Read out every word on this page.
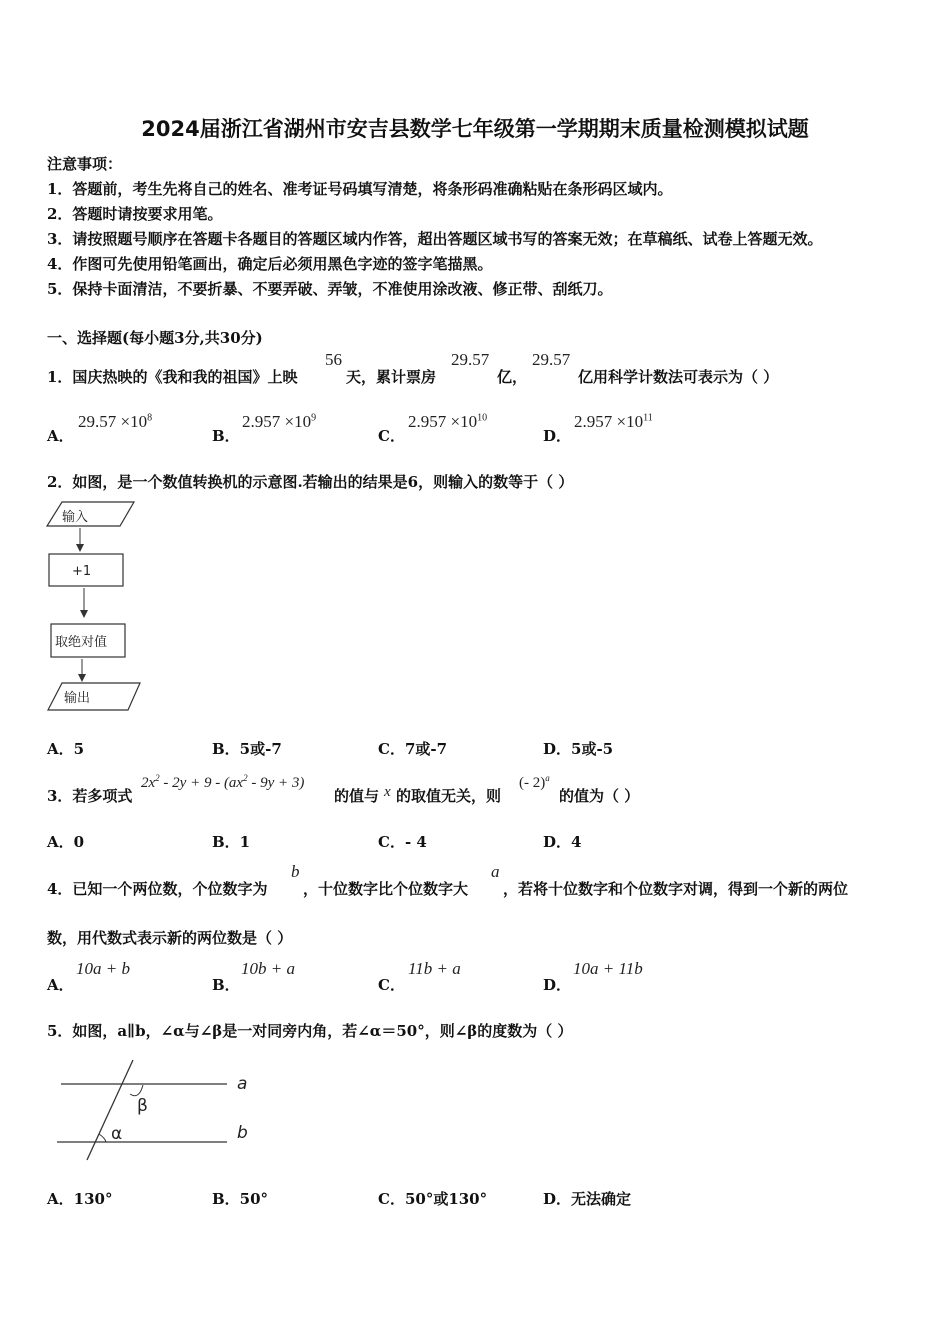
2024届浙江省湖州市安吉县数学七年级第一学期期末质量检测模拟试题
注意事项：
1．答题前，考生先将自己的姓名、准考证号码填写清楚，将条形码准确粘贴在条形码区域内。
2．答题时请按要求用笔。
3．请按照题号顺序在答题卡各题目的答题区域内作答，超出答题区域书写的答案无效；在草稿纸、试卷上答题无效。
4．作图可先使用铅笔画出，确定后必须用黑色字迹的签字笔描黑。
5．保持卡面清洁，不要折暴、不要弄破、弄皱，不准使用涂改液、修正带、刮纸刀。
一、选择题(每小题3分,共30分)
1．国庆热映的《我和我的祖国》上映
56
天，累计票房
29.57
亿，
29.57
亿用科学计数法可表示为（ ）
A．
$29.57 \times 10^8$
B．
$2.957 \times 10^9$
C．
$2.957 \times 10^{10}$
D．
$2.957 \times 10^{11}$
2．如图，是一个数值转换机的示意图.若输出的结果是6，则输入的数等于（ ）
输入
+1
取绝对值
输出
A．5	B．5或-7	C．7或-7	D．5或-5
3．若多项式
$2x^2 - 2y + 9 - (ax^2 - 9y + 3)$
的值与 x 的取值无关，则
(- 2)$^a$
的值为（ ）
A．0	B．1	C．- 4	D．4
4．已知一个两位数，个位数字为
b
，十位数字比个位数字大
a
，若将十位数字和个位数字对调，得到一个新的两位
数，用代数式表示新的两位数是（ ）
A．
10a + b
B．
10b + a
C．
11b + a
D．
10a + 11b
5．如图，a∥b，∠α与∠β是一对同旁内角，若∠α＝50°，则∠β的度数为（ ）
β
α
a
b
A．130°	B．50°	C．50°或130°	D．无法确定
